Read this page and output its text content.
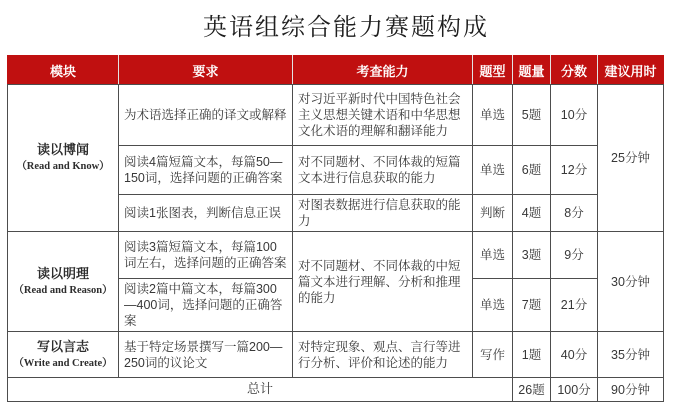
英语组综合能力赛题构成
模块	要求	考查能力	题型	题量	分数	建议用时

读以博闻
（Read and Know）	为术语选择正确的译文或解释	对习近平新时代中国特色社会主义思想关键术语和中华思想文化术语的理解和翻译能力	单选	5题	10分	25分钟
	阅读4篇短篇文本，每篇50—150词，选择问题的正确答案	对不同题材、不同体裁的短篇文本进行信息获取的能力	单选	6题	12分	
	阅读1张图表，判断信息正误	对图表数据进行信息获取的能力	判断	4题	8分	

读以明理
（Read and Reason）	阅读3篇短篇文本，每篇100词左右，选择问题的正确答案	对不同题材、不同体裁的中短篇文本进行理解、分析和推理的能力	单选	3题	9分	30分钟
	阅读2篇中篇文本，每篇300—400词，选择问题的正确答案		单选	7题	21分	

写以言志
（Write and Create）	基于特定场景撰写一篇200—250词的议论文	对特定现象、观点、言行等进行分析、评价和论述的能力	写作	1题	40分	35分钟
总计				26题	100分	90分钟
